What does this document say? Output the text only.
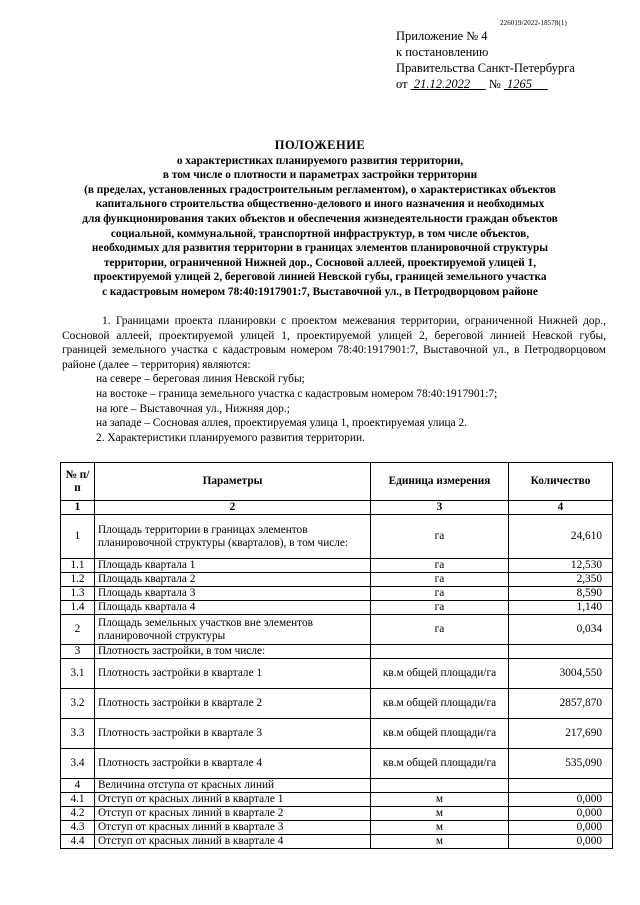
226019/2022-18578(1)
Приложение № 4
к постановлению
Правительства Санкт-Петербурга
от 21.12.2022 № 1265
ПОЛОЖЕНИЕ
о характеристиках планируемого развития территории,
в том числе о плотности и параметрах застройки территории
(в пределах, установленных градостроительным регламентом), о характеристиках объектов
капитального строительства общественно-делового и иного назначения и необходимых
для функционирования таких объектов и обеспечения жизнедеятельности граждан объектов
социальной, коммунальной, транспортной инфраструктур, в том числе объектов,
необходимых для развития территории в границах элементов планировочной структуры
территории, ограниченной Нижней дор., Сосновой аллеей, проектируемой улицей 1,
проектируемой улицей 2, береговой линией Невской губы, границей земельного участка
с кадастровым номером 78:40:1917901:7, Выставочной ул., в Петродворцовом районе

1. Границами проекта планировки с проектом межевания территории, ограниченной Нижней дор., Сосновой аллеей, проектируемой улицей 1, проектируемой улицей 2, береговой линией Невской губы, границей земельного участка с кадастровым номером 78:40:1917901:7, Выставочной ул., в Петродворцовом районе (далее – территория) являются:

на севере – береговая линия Невской губы;

на востоке – граница земельного участка с кадастровым номером 78:40:1917901:7;

на юге – Выставочная ул., Нижняя дор.;

на западе – Сосновая аллея, проектируемая улица 1, проектируемая улица 2.

2. Характеристики планируемого развития территории.

№ п/п	Параметры	Единица измерения	Количество
1	2	3	4
1	Площадь территории в границах элементов планировочной структуры (кварталов), в том числе:	га	24,610
1.1	Площадь квартала 1	га	12,530
1.2	Площадь квартала 2	га	2,350
1.3	Площадь квартала 3	га	8,590
1.4	Площадь квартала 4	га	1,140
2	Площадь земельных участков вне элементов планировочной структуры	га	0,034
3	Плотность застройки, в том числе:		
3.1	Плотность застройки в квартале 1	кв.м общей площади/га	3004,550
3.2	Плотность застройки в квартале 2	кв.м общей площади/га	2857,870
3.3	Плотность застройки в квартале 3	кв.м общей площади/га	217,690
3.4	Плотность застройки в квартале 4	кв.м общей площади/га	535,090
4	Величина отступа от красных линий		
4.1	Отступ от красных линий в квартале 1	м	0,000
4.2	Отступ от красных линий в квартале 2	м	0,000
4.3	Отступ от красных линий в квартале 3	м	0,000
4.4	Отступ от красных линий в квартале 4	м	0,000
